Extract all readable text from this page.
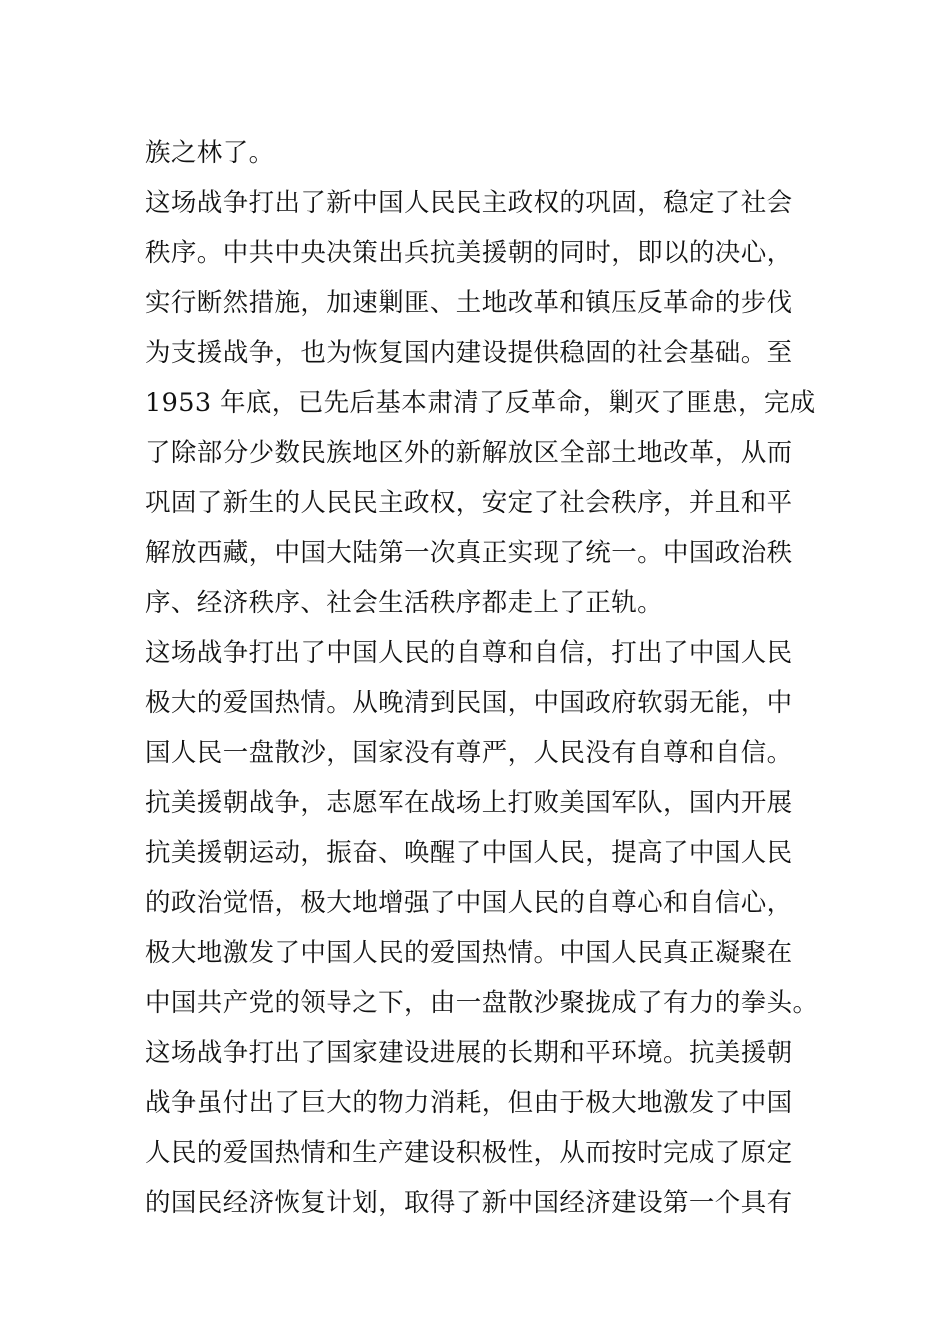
族之林了。
这场战争打出了新中国人民民主政权的巩固，稳定了社会
秩序。中共中央决策出兵抗美援朝的同时，即以的决心，
实行断然措施，加速剿匪、土地改革和镇压反革命的步伐
为支援战争，也为恢复国内建设提供稳固的社会基础。至
1953 年底，已先后基本肃清了反革命，剿灭了匪患，完成
了除部分少数民族地区外的新解放区全部土地改革，从而
巩固了新生的人民民主政权，安定了社会秩序，并且和平
解放西藏，中国大陆第一次真正实现了统一。中国政治秩
序、经济秩序、社会生活秩序都走上了正轨。
这场战争打出了中国人民的自尊和自信，打出了中国人民
极大的爱国热情。从晚清到民国，中国政府软弱无能，中
国人民一盘散沙，国家没有尊严，人民没有自尊和自信。
抗美援朝战争，志愿军在战场上打败美国军队，国内开展
抗美援朝运动，振奋、唤醒了中国人民，提高了中国人民
的政治觉悟，极大地增强了中国人民的自尊心和自信心，
极大地激发了中国人民的爱国热情。中国人民真正凝聚在
中国共产党的领导之下，由一盘散沙聚拢成了有力的拳头。
这场战争打出了国家建设进展的长期和平环境。抗美援朝
战争虽付出了巨大的物力消耗，但由于极大地激发了中国
人民的爱国热情和生产建设积极性，从而按时完成了原定
的国民经济恢复计划，取得了新中国经济建设第一个具有
